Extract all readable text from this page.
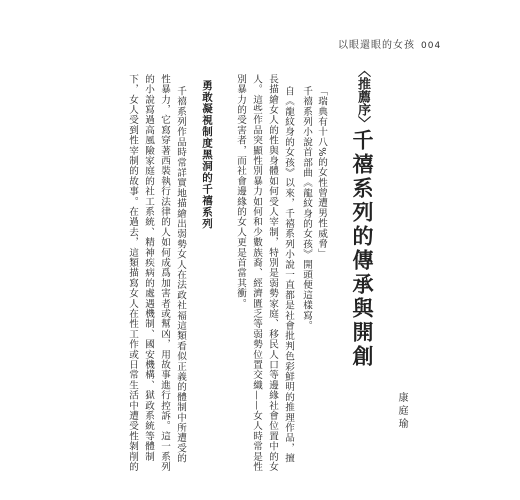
以眼還眼的女孩 004
〈推薦序〉千禧系列的傳承與開創
康庭瑜
「瑞典有十八%的女性曾遭男性威脅」
千禧系列小說首部曲《龍紋身的女孩》開頭便這樣寫。
自《龍紋身的女孩》以來，千禧系列小說一直都是社會批判色彩鮮明的推理作品，擅
長描繪女人的性與身體如何受人宰制，特別是弱勢家庭、移民人口等邊緣社會位置中的女
人。這些作品突顯性別暴力如何和少數族裔、經濟匱乏等弱勢位置交織——女人時常是性
別暴力的受害者，而社會邊緣的女人更是首當其衝。
勇敢凝視制度黑洞的千禧系列
千禧系列作品時常詳實地描繪出弱勢女人在法政社福這類看似正義的體制中所遭受的
性暴力，它寫穿著西裝執行法律的人如何成爲加害者或幫凶，用故事進行控訴。這一系列
的小說寫過高風險家庭的社工系統、精神疾病的處遇機制、國安機構、獄政系統等體制
下，女人受到性宰制的故事。在過去，這類描寫女人在性工作或日常生活中遭受性剝削的
